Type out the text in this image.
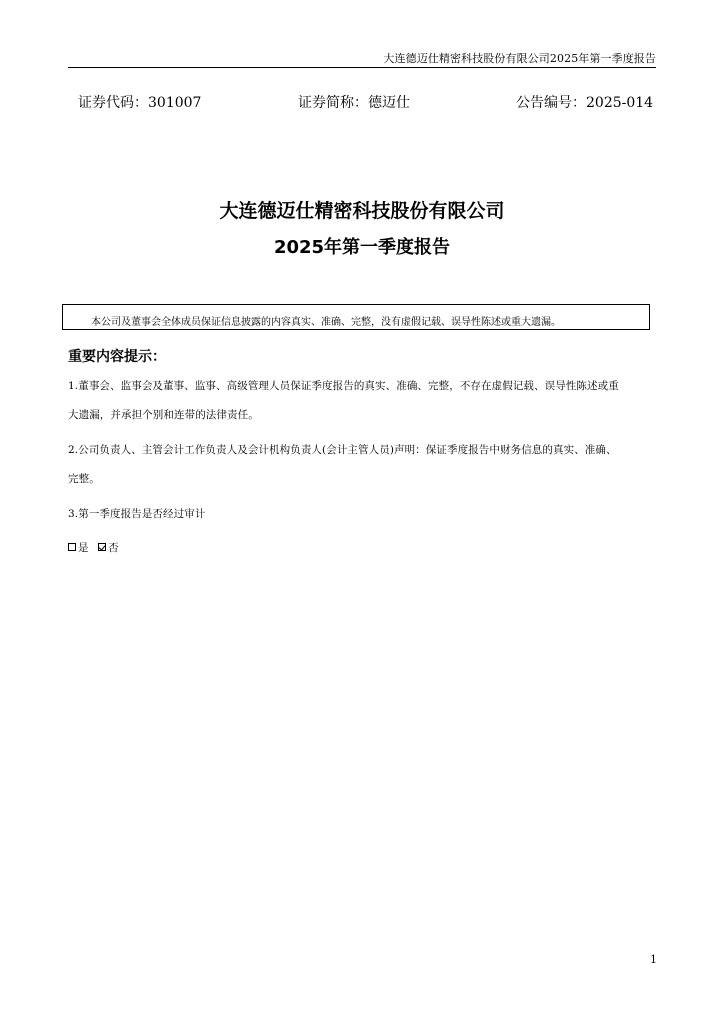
大连德迈仕精密科技股份有限公司2025年第一季度报告
证券代码：301007	证券简称：德迈仕	公告编号：2025-014
大连德迈仕精密科技股份有限公司
2025年第一季度报告
本公司及董事会全体成员保证信息披露的内容真实、准确、完整，没有虚假记载、误导性陈述或重大遗漏。
重要内容提示：
1.董事会、监事会及董事、监事、高级管理人员保证季度报告的真实、准确、完整，不存在虚假记载、误导性陈述或重
大遗漏，并承担个别和连带的法律责任。
2.公司负责人、主管会计工作负责人及会计机构负责人(会计主管人员)声明：保证季度报告中财务信息的真实、准确、
完整。
3.第一季度报告是否经过审计
是 否
1
